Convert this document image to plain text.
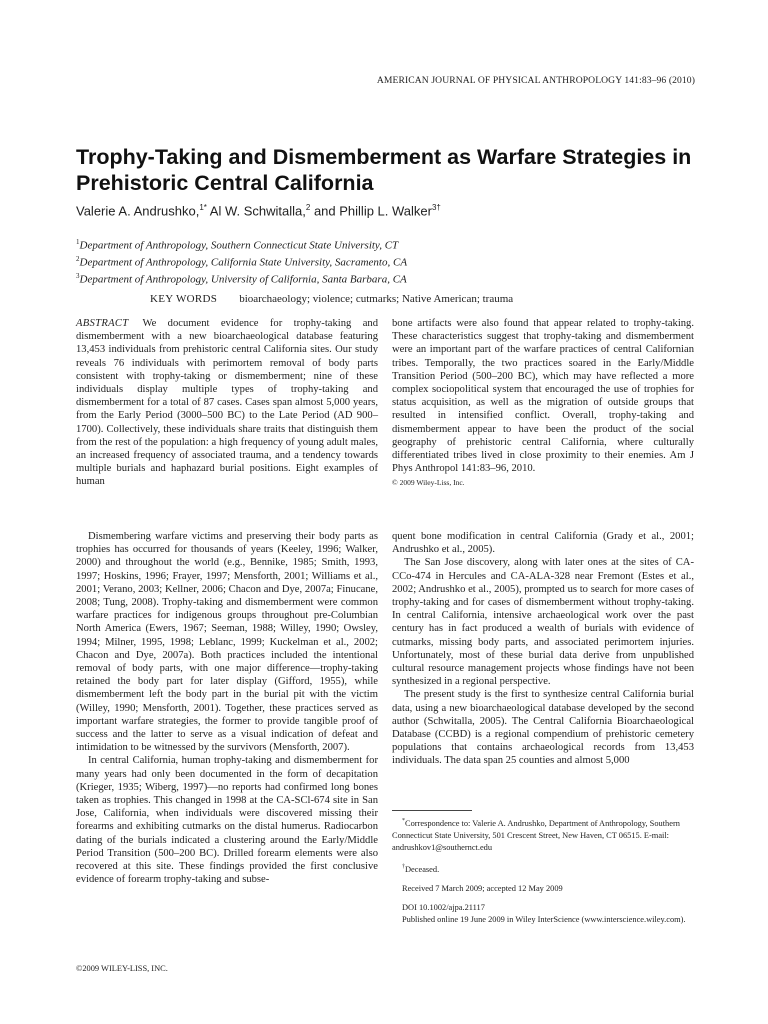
AMERICAN JOURNAL OF PHYSICAL ANTHROPOLOGY 141:83–96 (2010)
Trophy-Taking and Dismemberment as Warfare Strategies in Prehistoric Central California
Valerie A. Andrushko,$^{1*}$ Al W. Schwitalla,$^2$ and Phillip L. Walker$^{3\dagger}$
$^1$Department of Anthropology, Southern Connecticut State University, CT
$^2$Department of Anthropology, California State University, Sacramento, CA
$^3$Department of Anthropology, University of California, Santa Barbara, CA
KEY WORDS bioarchaeology; violence; cutmarks; Native American; trauma

ABSTRACT We document evidence for trophy-taking and dismemberment with a new bioarchaeological database featuring 13,453 individuals from prehistoric central California sites. Our study reveals 76 individuals with perimortem removal of body parts consistent with trophy-taking or dismemberment; nine of these individuals display multiple types of trophy-taking and dismemberment for a total of 87 cases. Cases span almost 5,000 years, from the Early Period (3000–500 BC) to the Late Period (AD 900–1700). Collectively, these individuals share traits that distinguish them from the rest of the population: a high frequency of young adult males, an increased frequency of associated trauma, and a tendency towards multiple burials and haphazard burial positions. Eight examples of human

bone artifacts were also found that appear related to trophy-taking. These characteristics suggest that trophy-taking and dismemberment were an important part of the warfare practices of central Californian tribes. Temporally, the two practices soared in the Early/Middle Transition Period (500–200 BC), which may have reflected a more complex sociopolitical system that encouraged the use of trophies for status acquisition, as well as the migration of outside groups that resulted in intensified conflict. Overall, trophy-taking and dismemberment appear to have been the product of the social geography of prehistoric central California, where culturally differentiated tribes lived in close proximity to their enemies. Am J Phys Anthropol 141:83–96, 2010.

© 2009 Wiley-Liss, Inc.

Dismembering warfare victims and preserving their body parts as trophies has occurred for thousands of years (Keeley, 1996; Walker, 2000) and throughout the world (e.g., Bennike, 1985; Smith, 1993, 1997; Hoskins, 1996; Frayer, 1997; Mensforth, 2001; Williams et al., 2001; Verano, 2003; Kellner, 2006; Chacon and Dye, 2007a; Finucane, 2008; Tung, 2008). Trophy-taking and dismemberment were common warfare practices for indigenous groups throughout pre-Columbian North America (Ewers, 1967; Seeman, 1988; Willey, 1990; Owsley, 1994; Milner, 1995, 1998; Leblanc, 1999; Kuckelman et al., 2002; Chacon and Dye, 2007a). Both practices included the intentional removal of body parts, with one major difference—trophy-taking retained the body part for later display (Gifford, 1955), while dismemberment left the body part in the burial pit with the victim (Willey, 1990; Mensforth, 2001). Together, these practices served as important warfare strategies, the former to provide tangible proof of success and the latter to serve as a visual indication of defeat and intimidation to be witnessed by the survivors (Mensforth, 2007).

In central California, human trophy-taking and dismemberment for many years had only been documented in the form of decapitation (Krieger, 1935; Wiberg, 1997)—no reports had confirmed long bones taken as trophies. This changed in 1998 at the CA-SCl-674 site in San Jose, California, when individuals were discovered missing their forearms and exhibiting cutmarks on the distal humerus. Radiocarbon dating of the burials indicated a clustering around the Early/Middle Period Transition (500–200 BC). Drilled forearm elements were also recovered at this site. These findings provided the first conclusive evidence of forearm trophy-taking and subse-

quent bone modification in central California (Grady et al., 2001; Andrushko et al., 2005).

The San Jose discovery, along with later ones at the sites of CA-CCo-474 in Hercules and CA-ALA-328 near Fremont (Estes et al., 2002; Andrushko et al., 2005), prompted us to search for more cases of trophy-taking and for cases of dismemberment without trophy-taking. In central California, intensive archaeological work over the past century has in fact produced a wealth of burials with evidence of cutmarks, missing body parts, and associated perimortem injuries. Unfortunately, most of these burial data derive from unpublished cultural resource management projects whose findings have not been synthesized in a regional perspective.

The present study is the first to synthesize central California burial data, using a new bioarchaeological database developed by the second author (Schwitalla, 2005). The Central California Bioarchaeological Database (CCBD) is a regional compendium of prehistoric cemetery populations that contains archaeological records from 13,453 individuals. The data span 25 counties and almost 5,000

*Correspondence to: Valerie A. Andrushko, Department of Anthropology, Southern Connecticut State University, 501 Crescent Street, New Haven, CT 06515. E-mail: andrushkov1@southernct.edu

†Deceased.

Received 7 March 2009; accepted 12 May 2009

DOI 10.1002/ajpa.21117

Published online 19 June 2009 in Wiley InterScience (www.interscience.wiley.com).

©2009 WILEY-LISS, INC.
